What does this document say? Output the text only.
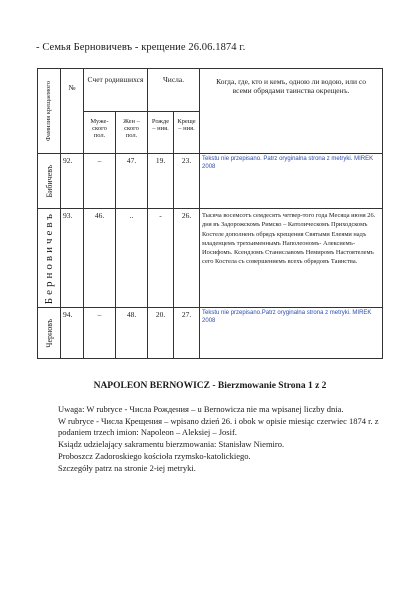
- Семья Берновичевъ - крещение 26.06.1874 г.
Фамилия крещаемого	№	Счет родившихся		Числа.		Когда, где, кто и кемъ, одною ли водою, или со всеми обрядами таинства окрещенъ.
		Муже-ского пол.	Жен – ского пол.	Рожде – ния.	Креще – ния.	

Бибичевъ	92.	–	47.	19.	23.	Tekstu nie przepisano. Patrz oryginalna strona z metryki. MIREK 2008

Берновичевъ	93.	46.	..	-	26.	Тысяча восемсотъ семдесятъ четвер-того года Месяца июня 26. дня въ Задорожскомъ Римско – Католическомъ Приходскомъ Костеле дополненъ обрядъ крещения Святыми Елеями надъ младенцемъ трехъименнымъ Наполеономъ- Алексиемъ-Иосифомъ. Ксендзомъ Станиславомъ Немиромъ Настоятелемъ сего Костела съ совершениемъ всехъ обрядовъ Таинства.

Черновъ	94.	–	48.	20.	27.	Tekstu nie przepisano.Patrz oryginalna strona z metryki. MIREK 2008
NAPOLEON BERNOWICZ - Bierzmowanie Strona 1 z 2

Uwaga: W rubryce - Числа Рождения – u Bernowicza nie ma wpisanej liczby dnia.

W rubryce - Числа Крещения – wpisano dzień 26. i obok w opisie miesiąc czerwiec 1874 r. z podaniem trzech imion: Napoleon – Aleksiej – Josif.

Ksiądz udzielający sakramentu bierzmowania: Stanisław Niemiro.

Proboszcz Zadoroskiego kościoła rzymsko-katolickiego.

Szczegóły patrz na stronie 2-iej metryki.
